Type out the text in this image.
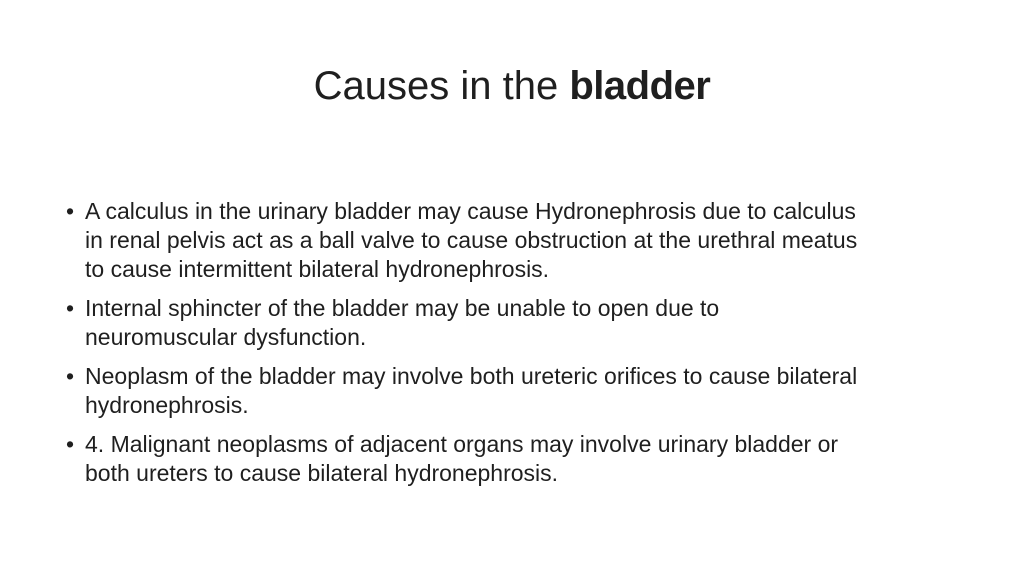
Causes in the bladder
• A calculus in the urinary bladder may cause Hydronephrosis due to calculus in renal pelvis act as a ball valve to cause obstruction at the urethral meatus to cause intermittent bilateral hydronephrosis.
• Internal sphincter of the bladder may be unable to open due to neuromuscular dysfunction.
• Neoplasm of the bladder may involve both ureteric orifices to cause bilateral hydronephrosis.
• 4. Malignant neoplasms of adjacent organs may involve urinary bladder or both ureters to cause bilateral hydronephrosis.
